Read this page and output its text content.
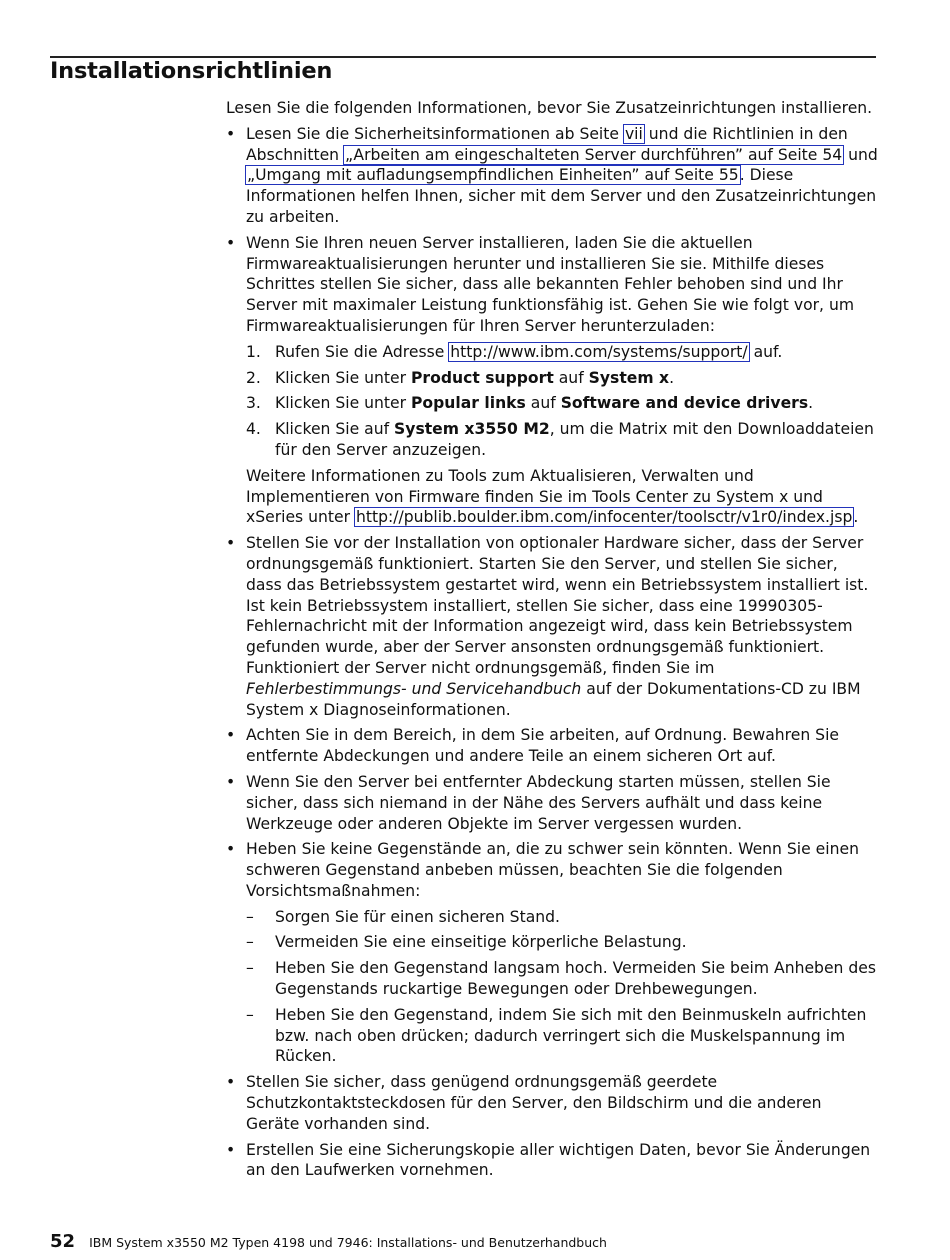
Installationsrichtlinien

Lesen Sie die folgenden Informationen, bevor Sie Zusatzeinrichtungen installieren.

• Lesen Sie die Sicherheitsinformationen ab Seite vii und die Richtlinien in den Abschnitten „Arbeiten am eingeschalteten Server durchführen” auf Seite 54 und „Umgang mit aufladungsempfindlichen Einheiten” auf Seite 55. Diese Informationen helfen Ihnen, sicher mit dem Server und den Zusatzeinrichtungen zu arbeiten.
• Wenn Sie Ihren neuen Server installieren, laden Sie die aktuellen Firmwareaktualisierungen herunter und installieren Sie sie. Mithilfe dieses Schrittes stellen Sie sicher, dass alle bekannten Fehler behoben sind und Ihr Server mit maximaler Leistung funktionsfähig ist. Gehen Sie wie folgt vor, um Firmwareaktualisierungen für Ihren Server herunterzuladen:
1. Rufen Sie die Adresse http://www.ibm.com/systems/support/ auf.
2. Klicken Sie unter Product support auf System x.
3. Klicken Sie unter Popular links auf Software and device drivers.
4. Klicken Sie auf System x3550 M2, um die Matrix mit den Downloaddateien für den Server anzuzeigen.

Weitere Informationen zu Tools zum Aktualisieren, Verwalten und Implementieren von Firmware finden Sie im Tools Center zu System x und xSeries unter http://publib.boulder.ibm.com/infocenter/toolsctr/v1r0/index.jsp.

• Stellen Sie vor der Installation von optionaler Hardware sicher, dass der Server ordnungsgemäß funktioniert. Starten Sie den Server, und stellen Sie sicher, dass das Betriebssystem gestartet wird, wenn ein Betriebssystem installiert ist. Ist kein Betriebssystem installiert, stellen Sie sicher, dass eine 19990305-Fehlernachricht mit der Information angezeigt wird, dass kein Betriebssystem gefunden wurde, aber der Server ansonsten ordnungsgemäß funktioniert. Funktioniert der Server nicht ordnungsgemäß, finden Sie im Fehlerbestimmungs- und Servicehandbuch auf der Dokumentations-CD zu IBM System x Diagnoseinformationen.
• Achten Sie in dem Bereich, in dem Sie arbeiten, auf Ordnung. Bewahren Sie entfernte Abdeckungen und andere Teile an einem sicheren Ort auf.
• Wenn Sie den Server bei entfernter Abdeckung starten müssen, stellen Sie sicher, dass sich niemand in der Nähe des Servers aufhält und dass keine Werkzeuge oder anderen Objekte im Server vergessen wurden.
• Heben Sie keine Gegenstände an, die zu schwer sein könnten. Wenn Sie einen schweren Gegenstand anbeben müssen, beachten Sie die folgenden Vorsichtsmaßnahmen:
– Sorgen Sie für einen sicheren Stand.
– Vermeiden Sie eine einseitige körperliche Belastung.
– Heben Sie den Gegenstand langsam hoch. Vermeiden Sie beim Anheben des Gegenstands ruckartige Bewegungen oder Drehbewegungen.
– Heben Sie den Gegenstand, indem Sie sich mit den Beinmuskeln aufrichten bzw. nach oben drücken; dadurch verringert sich die Muskelspannung im Rücken.
• Stellen Sie sicher, dass genügend ordnungsgemäß geerdete Schutzkontaktsteckdosen für den Server, den Bildschirm und die anderen Geräte vorhanden sind.
• Erstellen Sie eine Sicherungskopie aller wichtigen Daten, bevor Sie Änderungen an den Laufwerken vornehmen.
52 IBM System x3550 M2 Typen 4198 und 7946: Installations- und Benutzerhandbuch
